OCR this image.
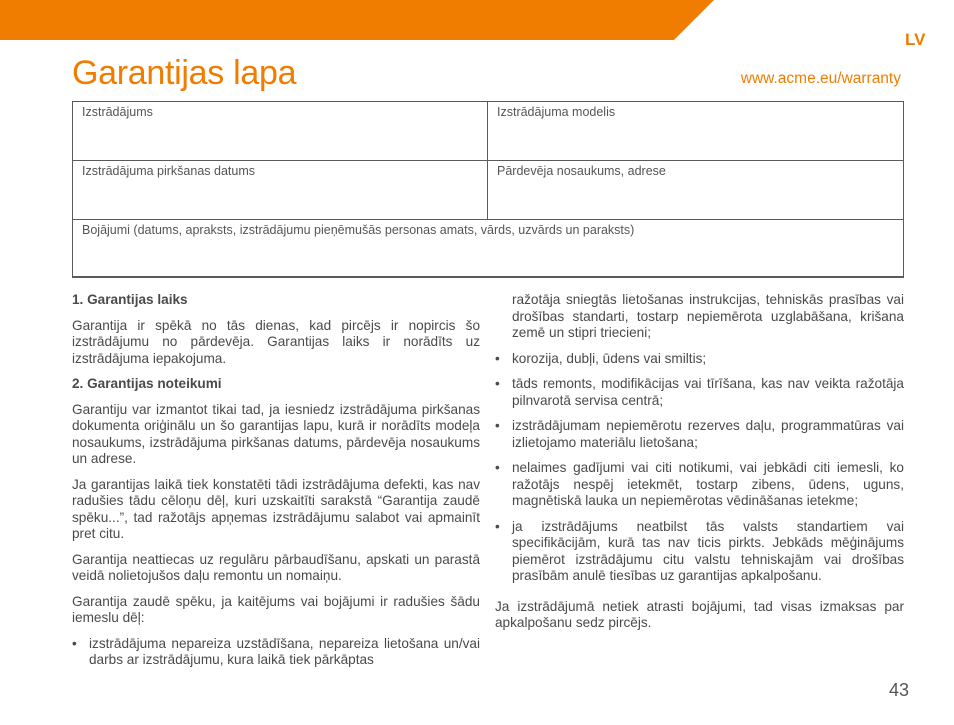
LV
Garantijas lapa	www.acme.eu/warranty
Izstrādājums	Izstrādājuma modelis
Izstrādājuma pirkšanas datums	Pārdevēja nosaukums, adrese
Bojājumi (datums, apraksts, izstrādājumu pieņēmušās personas amats, vārds, uzvārds un paraksts)
1. Garantijas laiks

Garantija ir spēkā no tās dienas, kad pircējs ir nopircis šo izstrādājumu no pārdevēja. Garantijas laiks ir norādīts uz izstrādājuma iepakojuma.

2. Garantijas noteikumi

Garantiju var izmantot tikai tad, ja iesniedz izstrādājuma pirkšanas dokumenta oriģinālu un šo garantijas lapu, kurā ir norādīts modeļa nosaukums, izstrādājuma pirkšanas datums, pārdevēja nosaukums un adrese.

Ja garantijas laikā tiek konstatēti tādi izstrādājuma defekti, kas nav radušies tādu cēloņu dēļ, kuri uzskaitīti sarakstā “Garantija zaudē spēku...”, tad ražotājs apņemas izstrādājumu salabot vai apmainīt pret citu.

Garantija neattiecas uz regulāru pārbaudīšanu, apskati un parastā veidā nolietojušos daļu remontu un nomaiņu.

Garantija zaudē spēku, ja kaitējums vai bojājumi ir radušies šādu iemeslu dēļ:

• izstrādājuma nepareiza uzstādīšana, nepareiza lietošana un/vai darbs ar izstrādājumu, kura laikā tiek pārkāptas
ražotāja sniegtās lietošanas instrukcijas, tehniskās prasības vai drošības standarti, tostarp nepiemērota uzglabāšana, krišana zemē un stipri triecieni;
• korozija, dubļi, ūdens vai smiltis;
• tāds remonts, modifikācijas vai tīrīšana, kas nav veikta ražotāja pilnvarotā servisa centrā;
• izstrādājumam nepiemērotu rezerves daļu, programmatūras vai izlietojamo materiālu lietošana;
• nelaimes gadījumi vai citi notikumi, vai jebkādi citi iemesli, ko ražotājs nespēj ietekmēt, tostarp zibens, ūdens, uguns, magnētiskā lauka un nepiemērotas vēdināšanas ietekme;
• ja izstrādājums neatbilst tās valsts standartiem vai specifikācijām, kurā tas nav ticis pirkts. Jebkāds mēģinājums piemērot izstrādājumu citu valstu tehniskajām vai drošības prasībām anulē tiesības uz garantijas apkalpošanu.

Ja izstrādājumā netiek atrasti bojājumi, tad visas izmaksas par apkalpošanu sedz pircējs.

43
